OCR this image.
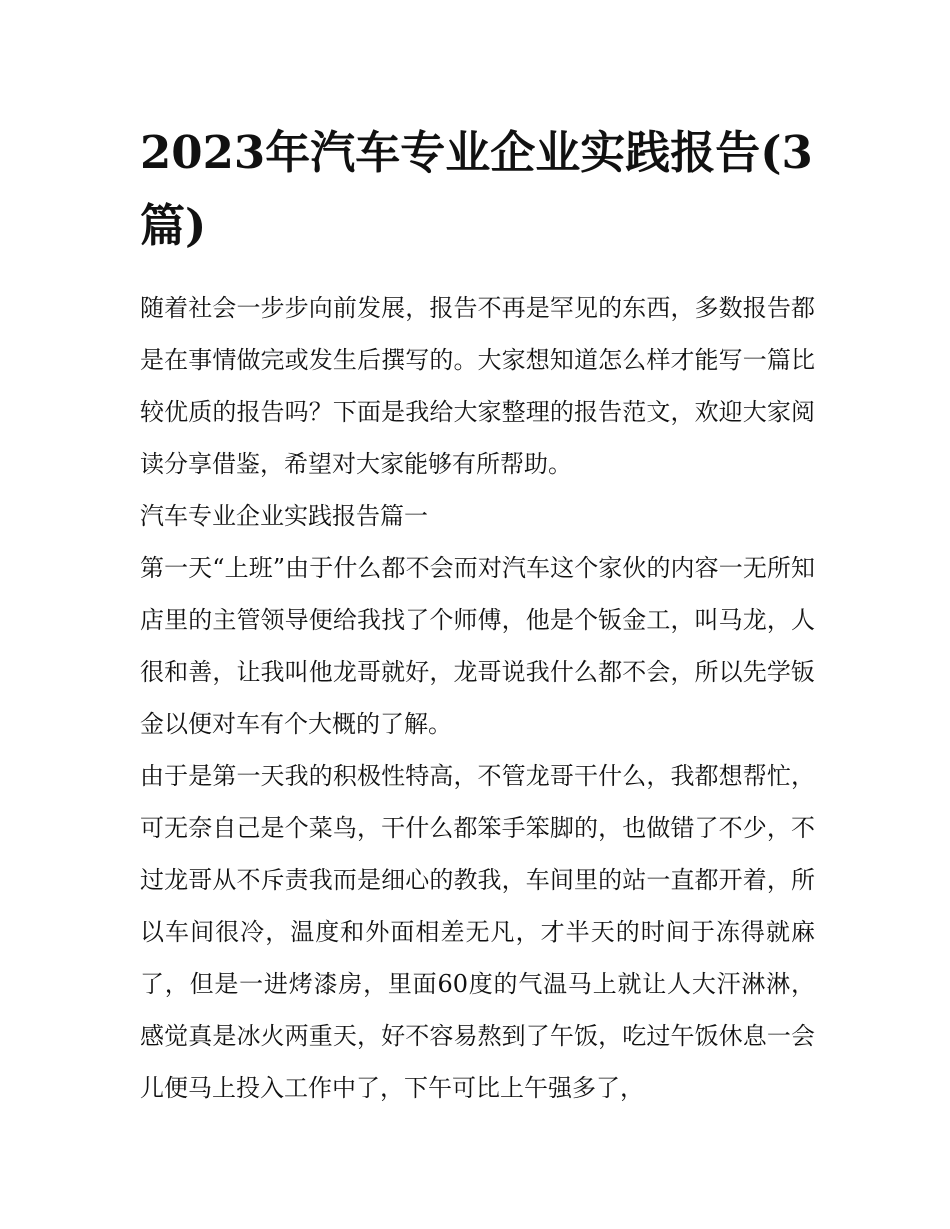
2023年汽车专业企业实践报告(3篇)

随着社会一步步向前发展，报告不再是罕见的东西，多数报告都是在事情做完或发生后撰写的。大家想知道怎么样才能写一篇比较优质的报告吗？下面是我给大家整理的报告范文，欢迎大家阅读分享借鉴，希望对大家能够有所帮助。

汽车专业企业实践报告篇一

第一天“上班”由于什么都不会而对汽车这个家伙的内容一无所知店里的主管领导便给我找了个师傅，他是个钣金工，叫马龙，人很和善，让我叫他龙哥就好，龙哥说我什么都不会，所以先学钣金以便对车有个大概的了解。

由于是第一天我的积极性特高，不管龙哥干什么，我都想帮忙，可无奈自己是个菜鸟，干什么都笨手笨脚的，也做错了不少，不过龙哥从不斥责我而是细心的教我，车间里的站一直都开着，所以车间很冷，温度和外面相差无凡，才半天的时间于冻得就麻了，但是一进烤漆房，里面60度的气温马上就让人大汗淋淋，感觉真是冰火两重天，好不容易熬到了午饭，吃过午饭休息一会儿便马上投入工作中了，下午可比上午强多了，
